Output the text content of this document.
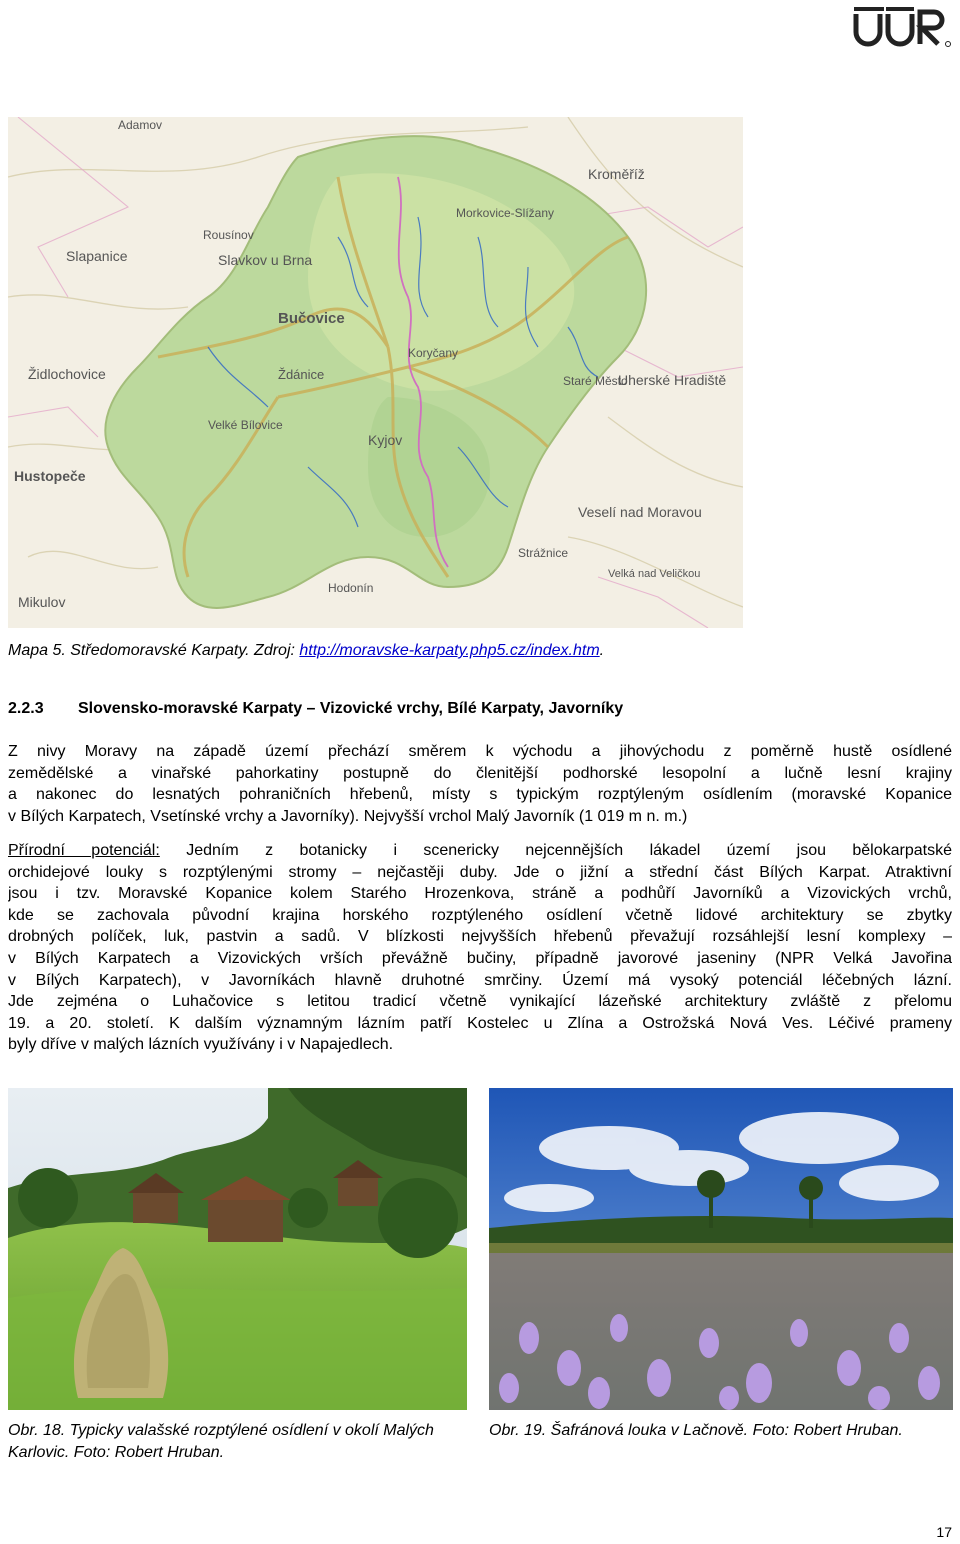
Adamov
Kroměříž
Morkovice-Slížany
Rousínov
Slapanice	Slavkov u Brna
Bučovice
Koryčany
Židlochovice	Ždánice	Staré Město
Uherské Hradiště
Hustopeče
Kyjov
Velké Bílovice
Veselí nad Moravou
Strážnice
Mikulov
Hodonín
Velká nad Veličkou
Mapa 5. Středomoravské Karpaty. Zdroj: http://moravske-karpaty.php5.cz/index.htm.
2.2.3 Slovensko-moravské Karpaty – Vizovické vrchy, Bílé Karpaty, Javorníky
Z nivy Moravy na západě území přechází směrem k východu a jihovýchodu z poměrně hustě osídlené
zemědělské a vinařské pahorkatiny postupně do členitější podhorské lesopolní a lučně lesní krajiny
a nakonec do lesnatých pohraničních hřebenů, místy s typickým rozptýleným osídlením (moravské Kopanice
v Bílých Karpatech, Vsetínské vrchy a Javorníky). Nejvyšší vrchol Malý Javorník (1 019 m n. m.)
Přírodní potenciál: Jedním z botanicky i scenericky nejcennějších lákadel území jsou bělokarpatské
orchidejové louky s rozptýlenými stromy – nejčastěji duby. Jde o jižní a střední část Bílých Karpat. Atraktivní
jsou i tzv. Moravské Kopanice kolem Starého Hrozenkova, stráně a podhůří Javorníků a Vizovických vrchů,
kde se zachovala původní krajina horského rozptýleného osídlení včetně lidové architektury se zbytky
drobných políček, luk, pastvin a sadů. V blízkosti nejvyšších hřebenů převažují rozsáhlejší lesní komplexy –
v Bílých Karpatech a Vizovických vrších převážně bučiny, případně javorové jaseniny (NPR Velká Javořina
v Bílých Karpatech), v Javorníkách hlavně druhotné smrčiny. Území má vysoký potenciál léčebných lázní.
Jde zejména o Luhačovice s letitou tradicí včetně vynikající lázeňské architektury zvláště z přelomu
19. a 20. století. K dalším významným lázním patří Kostelec u Zlína a Ostrožská Nová Ves. Léčivé prameny
byly dříve v malých lázních využívány i v Napajedlech.
Obr. 18. Typicky valašské rozptýlené osídlení v okolí Malých Karlovic. Foto: Robert Hruban.
Obr. 19. Šafránová louka v Lačnově. Foto: Robert Hruban.
17
